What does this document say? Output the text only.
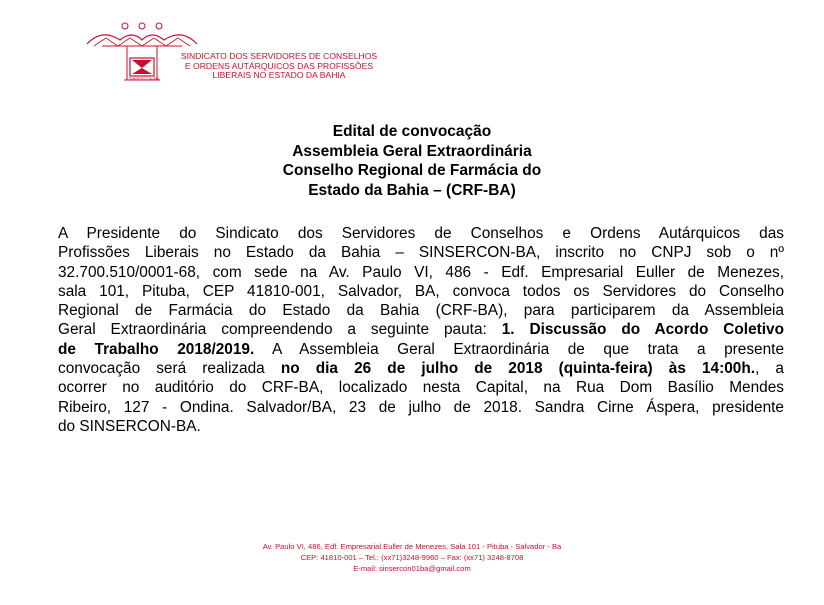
SINSERCON-BA
SINDICATO DOS SERVIDORES DE CONSELHOS
E ORDENS AUTÁRQUICOS DAS PROFISSÕES
LIBERAIS NO ESTADO DA BAHIA
Edital de convocação
Assembleia Geral Extraordinária
Conselho Regional de Farmácia do
Estado da Bahia – (CRF-BA)
A Presidente do Sindicato dos Servidores de Conselhos e Ordens Autárquicos das
Profissões Liberais no Estado da Bahia – SINSERCON-BA, inscrito no CNPJ sob o nº
32.700.510/0001-68, com sede na Av. Paulo VI, 486 - Edf. Empresarial Euller de Menezes,
sala 101, Pituba, CEP 41810-001, Salvador, BA, convoca todos os Servidores do Conselho
Regional de Farmácia do Estado da Bahia (CRF-BA), para participarem da Assembleia
Geral Extraordinária compreendendo a seguinte pauta: 1. Discussão do Acordo Coletivo
de Trabalho 2018/2019. A Assembleia Geral Extraordinária de que trata a presente
convocação será realizada no dia 26 de julho de 2018 (quinta-feira) às 14:00h., a
ocorrer no auditório do CRF-BA, localizado nesta Capital, na Rua Dom Basílio Mendes
Ribeiro, 127 - Ondina. Salvador/BA, 23 de julho de 2018. Sandra Cirne Áspera, presidente
do SINSERCON-BA.
Av. Paulo VI, 486, Edf. Empresarial Euller de Menezes, Sala 101 - Pituba - Salvador - Ba
CEP: 41810-001 – Tel.: (xx71)3248-9960 – Fax: (xx71) 3248-8708
E-mail: sinsercon01ba@gmail.com
